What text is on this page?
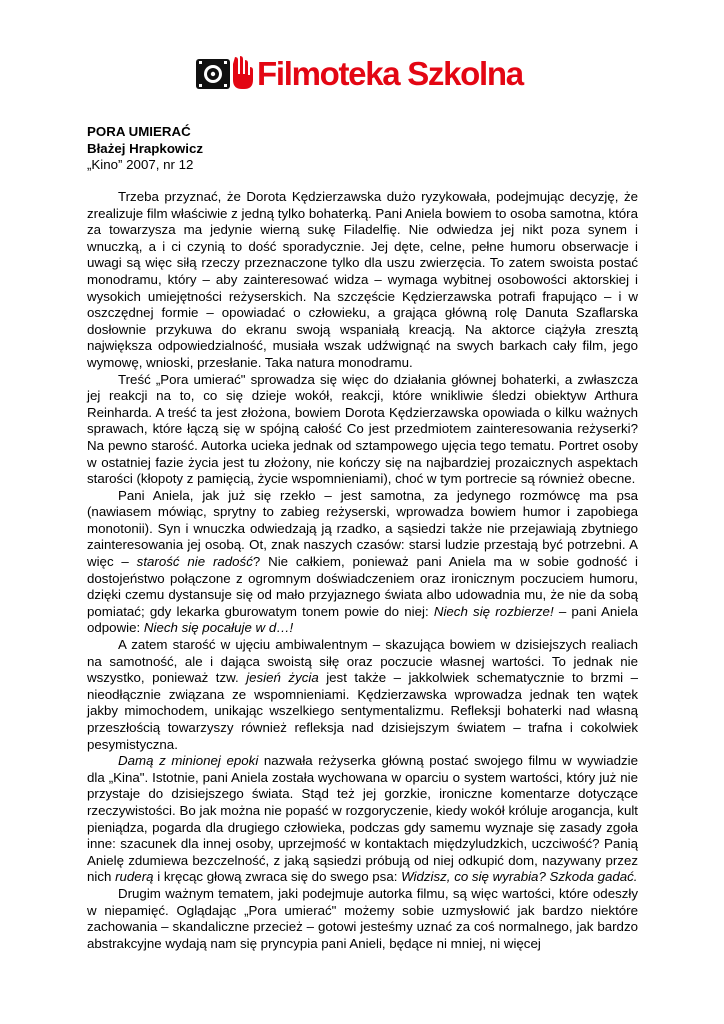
Filmoteka Szkolna
PORA UMIERAĆ
Błażej Hrapkowicz
„Kino” 2007, nr 12

Trzeba przyznać, że Dorota Kędzierzawska dużo ryzykowała, podejmując decyzję, że zrealizuje film właściwie z jedną tylko bohaterką. Pani Aniela bowiem to osoba samotna, która za towarzysza ma jedynie wierną sukę Filadelfię. Nie odwiedza jej nikt poza synem i wnuczką, a i ci czynią to dość sporadycznie. Jej dęte, celne, pełne humoru obserwacje i uwagi są więc siłą rzeczy przeznaczone tylko dla uszu zwierzęcia. To zatem swoista postać monodramu, który – aby zainteresować widza – wymaga wybitnej osobowości aktorskiej i wysokich umiejętności reżyserskich. Na szczęście Kędzierzawska potrafi frapująco – i w oszczędnej formie – opowiadać o człowieku, a grająca główną rolę Danuta Szaflarska dosłownie przykuwa do ekranu swoją wspaniałą kreacją. Na aktorce ciążyła zresztą największa odpowiedzialność, musiała wszak udźwignąć na swych barkach cały film, jego wymowę, wnioski, przesłanie. Taka natura monodramu.

Treść „Pora umierać" sprowadza się więc do działania głównej bohaterki, a zwłaszcza jej reakcji na to, co się dzieje wokół, reakcji, które wnikliwie śledzi obiektyw Arthura Reinharda. A treść ta jest złożona, bowiem Dorota Kędzierzawska opowiada o kilku ważnych sprawach, które łączą się w spójną całość Co jest przedmiotem zainteresowania reżyserki? Na pewno starość. Autorka ucieka jednak od sztampowego ujęcia tego tematu. Portret osoby w ostatniej fazie życia jest tu złożony, nie kończy się na najbardziej prozaicznych aspektach starości (kłopoty z pamięcią, życie wspomnieniami), choć w tym portrecie są również obecne.

Pani Aniela, jak już się rzekło – jest samotna, za jedynego rozmówcę ma psa (nawiasem mówiąc, sprytny to zabieg reżyserski, wprowadza bowiem humor i zapobiega monotonii). Syn i wnuczka odwiedzają ją rzadko, a sąsiedzi także nie przejawiają zbytniego zainteresowania jej osobą. Ot, znak naszych czasów: starsi ludzie przestają być potrzebni. A więc – starość nie radość? Nie całkiem, ponieważ pani Aniela ma w sobie godność i dostojeństwo połączone z ogromnym doświadczeniem oraz ironicznym poczuciem humoru, dzięki czemu dystansuje się od mało przyjaznego świata albo udowadnia mu, że nie da sobą pomiatać; gdy lekarka gburowatym tonem powie do niej: Niech się rozbierze! – pani Aniela odpowie: Niech się pocałuje w d…!

A zatem starość w ujęciu ambiwalentnym – skazująca bowiem w dzisiejszych realiach na samotność, ale i dająca swoistą siłę oraz poczucie własnej wartości. To jednak nie wszystko, ponieważ tzw. jesień życia jest także – jakkolwiek schematycznie to brzmi – nieodłącznie związana ze wspomnieniami. Kędzierzawska wprowadza jednak ten wątek jakby mimochodem, unikając wszelkiego sentymentalizmu. Refleksji bohaterki nad własną przeszłością towarzyszy również refleksja nad dzisiejszym światem – trafna i cokolwiek pesymistyczna.

Damą z minionej epoki nazwała reżyserka główną postać swojego filmu w wywiadzie dla „Kina". Istotnie, pani Aniela została wychowana w oparciu o system wartości, który już nie przystaje do dzisiejszego świata. Stąd też jej gorzkie, ironiczne komentarze dotyczące rzeczywistości. Bo jak można nie popaść w rozgoryczenie, kiedy wokół króluje arogancja, kult pieniądza, pogarda dla drugiego człowieka, podczas gdy samemu wyznaje się zasady zgoła inne: szacunek dla innej osoby, uprzejmość w kontaktach międzyludzkich, uczciwość? Panią Anielę zdumiewa bezczelność, z jaką sąsiedzi próbują od niej odkupić dom, nazywany przez nich ruderą i kręcąc głową zwraca się do swego psa: Widzisz, co się wyrabia? Szkoda gadać.

Drugim ważnym tematem, jaki podejmuje autorka filmu, są więc wartości, które odeszły w niepamięć. Oglądając „Pora umierać" możemy sobie uzmysłowić jak bardzo niektóre zachowania – skandaliczne przecież – gotowi jesteśmy uznać za coś normalnego, jak bardzo abstrakcyjne wydają nam się pryncypia pani Anieli, będące ni mniej, ni więcej
